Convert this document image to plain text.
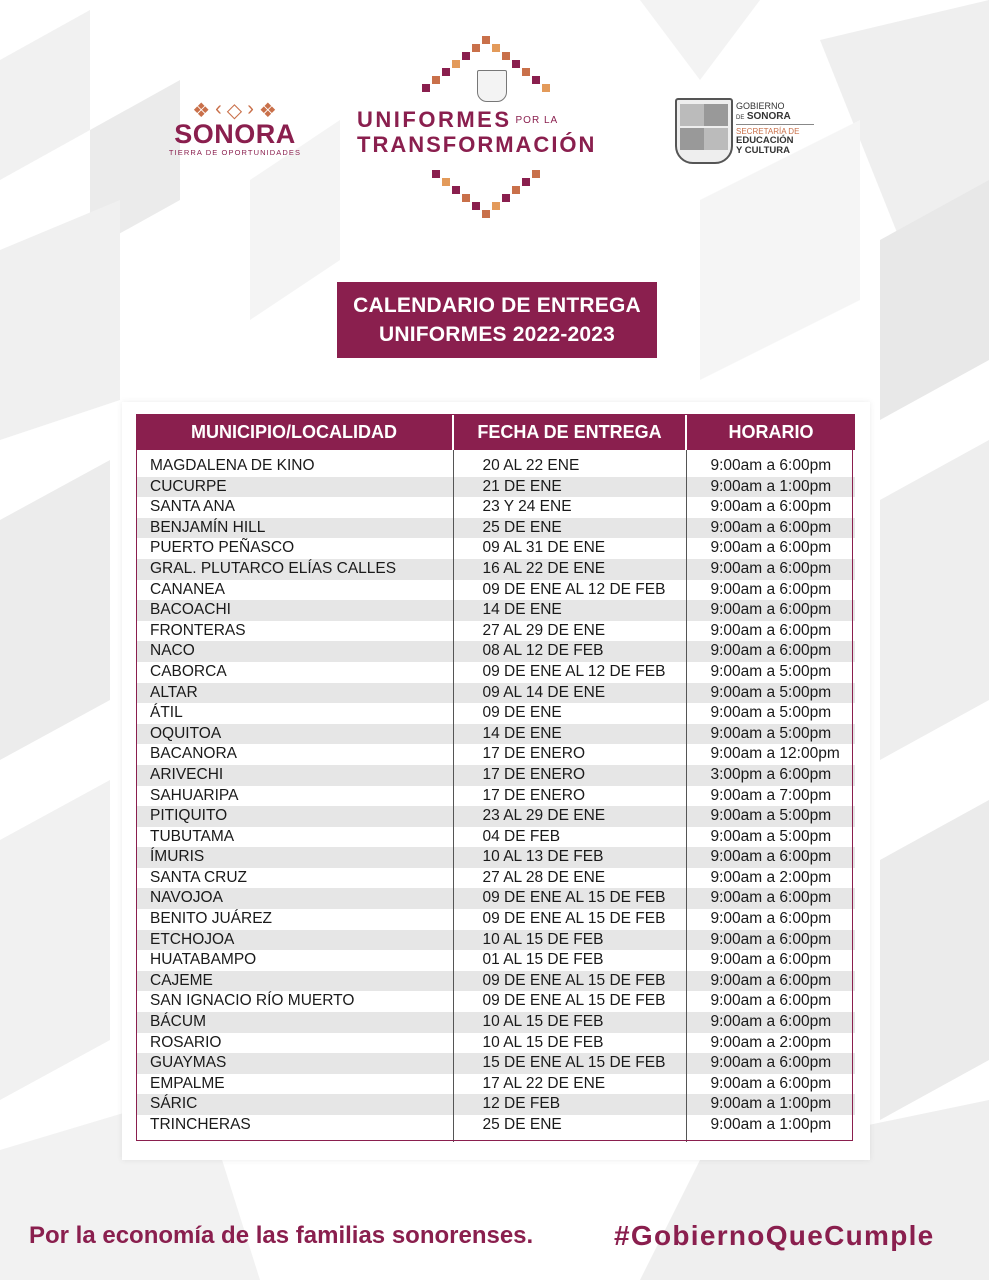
❖ ‹ ◇ › ❖
SONORA
TIERRA DE OPORTUNIDADES
UNIFORMES POR LA
TRANSFORMACIÓN
GOBIERNO
DE SONORA
SECRETARÍA DE
EDUCACIÓN
Y CULTURA
CALENDARIO DE ENTREGA
UNIFORMES 2022-2023
MUNICIPIO/LOCALIDAD	FECHA DE ENTREGA	HORARIO
MAGDALENA DE KINO	20 AL 22 ENE	9:00am a 6:00pm
CUCURPE	21 DE ENE	9:00am a 1:00pm
SANTA ANA	23 Y 24 ENE	9:00am a 6:00pm
BENJAMÍN HILL	25 DE ENE	9:00am a 6:00pm
PUERTO PEÑASCO	09 AL 31 DE ENE	9:00am a 6:00pm
GRAL. PLUTARCO ELÍAS CALLES	16 AL 22 DE ENE	9:00am a 6:00pm
CANANEA	09 DE ENE AL 12 DE FEB	9:00am a 6:00pm
BACOACHI	14 DE ENE	9:00am a 6:00pm
FRONTERAS	27 AL 29 DE ENE	9:00am a 6:00pm
NACO	08 AL 12 DE FEB	9:00am a 6:00pm
CABORCA	09 DE ENE AL 12 DE FEB	9:00am a 5:00pm
ALTAR	09 AL 14 DE ENE	9:00am a 5:00pm
ÁTIL	09 DE ENE	9:00am a 5:00pm
OQUITOA	14 DE ENE	9:00am a 5:00pm
BACANORA	17 DE ENERO	9:00am a 12:00pm
ARIVECHI	17 DE ENERO	3:00pm a 6:00pm
SAHUARIPA	17 DE ENERO	9:00am a 7:00pm
PITIQUITO	23 AL 29 DE ENE	9:00am a 5:00pm
TUBUTAMA	04 DE FEB	9:00am a 5:00pm
ÍMURIS	10 AL 13 DE FEB	9:00am a 6:00pm
SANTA CRUZ	27 AL 28 DE ENE	9:00am a 2:00pm
NAVOJOA	09 DE ENE AL 15 DE FEB	9:00am a 6:00pm
BENITO JUÁREZ	09 DE ENE AL 15 DE FEB	9:00am a 6:00pm
ETCHOJOA	10 AL 15 DE FEB	9:00am a 6:00pm
HUATABAMPO	01 AL 15 DE FEB	9:00am a 6:00pm
CAJEME	09 DE ENE AL 15 DE FEB	9:00am a 6:00pm
SAN IGNACIO RÍO MUERTO	09 DE ENE AL 15 DE FEB	9:00am a 6:00pm
BÁCUM	10 AL 15 DE FEB	9:00am a 6:00pm
ROSARIO	10 AL 15 DE FEB	9:00am a 2:00pm
GUAYMAS	15 DE ENE AL 15 DE FEB	9:00am a 6:00pm
EMPALME	17 AL 22 DE ENE	9:00am a 6:00pm
SÁRIC	12 DE FEB	9:00am a 1:00pm
TRINCHERAS	25 DE ENE	9:00am a 1:00pm
Por la economía de las familias sonorenses.	#GobiernoQueCumple
